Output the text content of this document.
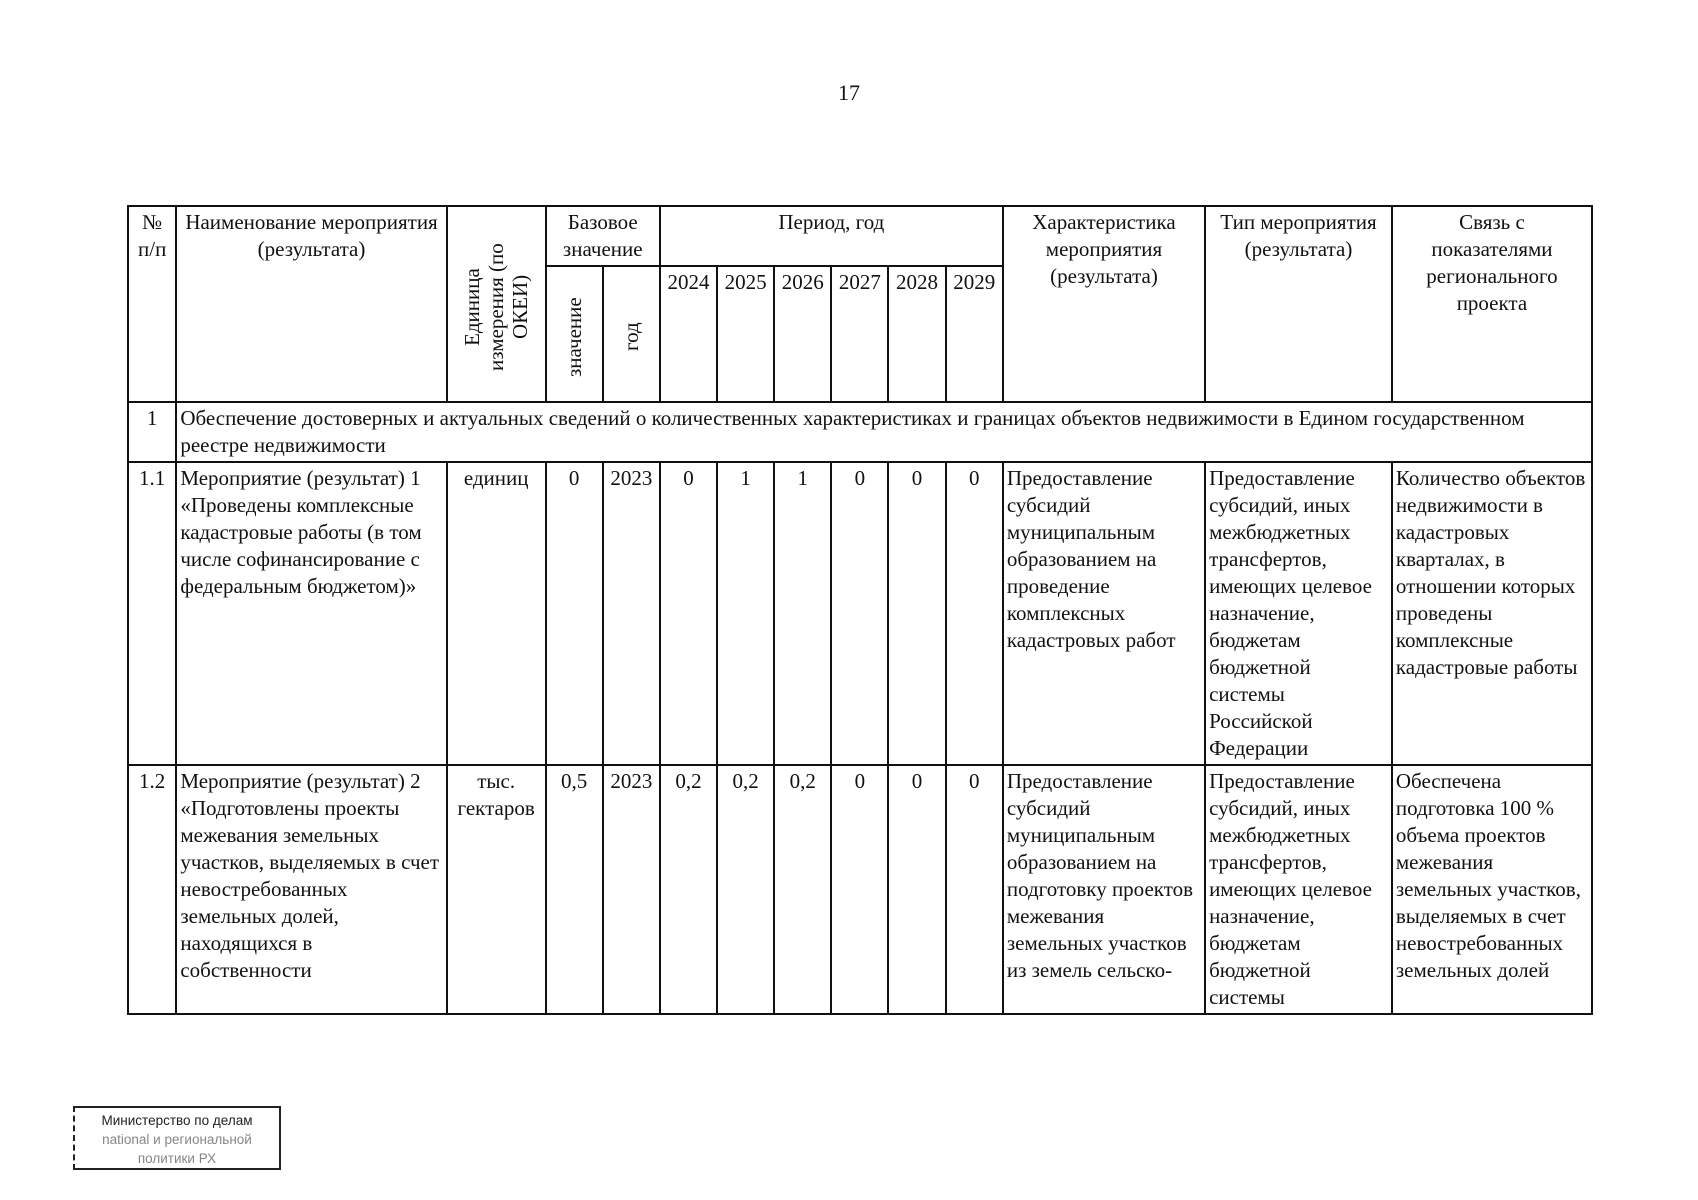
17
№ п/п	Наименование мероприятия (результата)	Единица измерения (по ОКЕИ)	Базовое значение		Период, год						Характеристика мероприятия (результата)	Тип мероприятия (результата)	Связь с показателями регионального проекта
			значение	год	2024	2025	2026	2027	2028	2029			

1	Обеспечение достоверных и актуальных сведений о количественных характеристиках и границах объектов недвижимости в Едином государственном реестре недвижимости												
1.1	Мероприятие (результат) 1 «Проведены комплексные кадастровые работы (в том числе софинансирование с федеральным бюджетом)»	единиц	0	2023	0	1	1	0	0	0	Предоставление субсидий муниципальным образованием на проведение комплексных кадастровых работ	Предоставление субсидий, иных межбюджетных трансфертов, имеющих целевое назначение, бюджетам бюджетной системы Российской Федерации	Количество объектов недвижимости в кадастровых кварталах, в отношении которых проведены комплексные кадастровые работы
1.2	Мероприятие (результат) 2 «Подготовлены проекты межевания земельных участков, выделяемых в счет невостребованных земельных долей, находящихся в собственности	тыс. гектаров	0,5	2023	0,2	0,2	0,2	0	0	0	Предоставление субсидий муниципальным образованием на подготовку проектов межевания земельных участков из земель сельско-	Предоставление субсидий, иных межбюджетных трансфертов, имеющих целевое назначение, бюджетам бюджетной системы	Обеспечена подготовка 100 % объема проектов межевания земельных участков, выделяемых в счет невостребованных земельных долей
Министерство по делам
national и региональной
политики РХ
